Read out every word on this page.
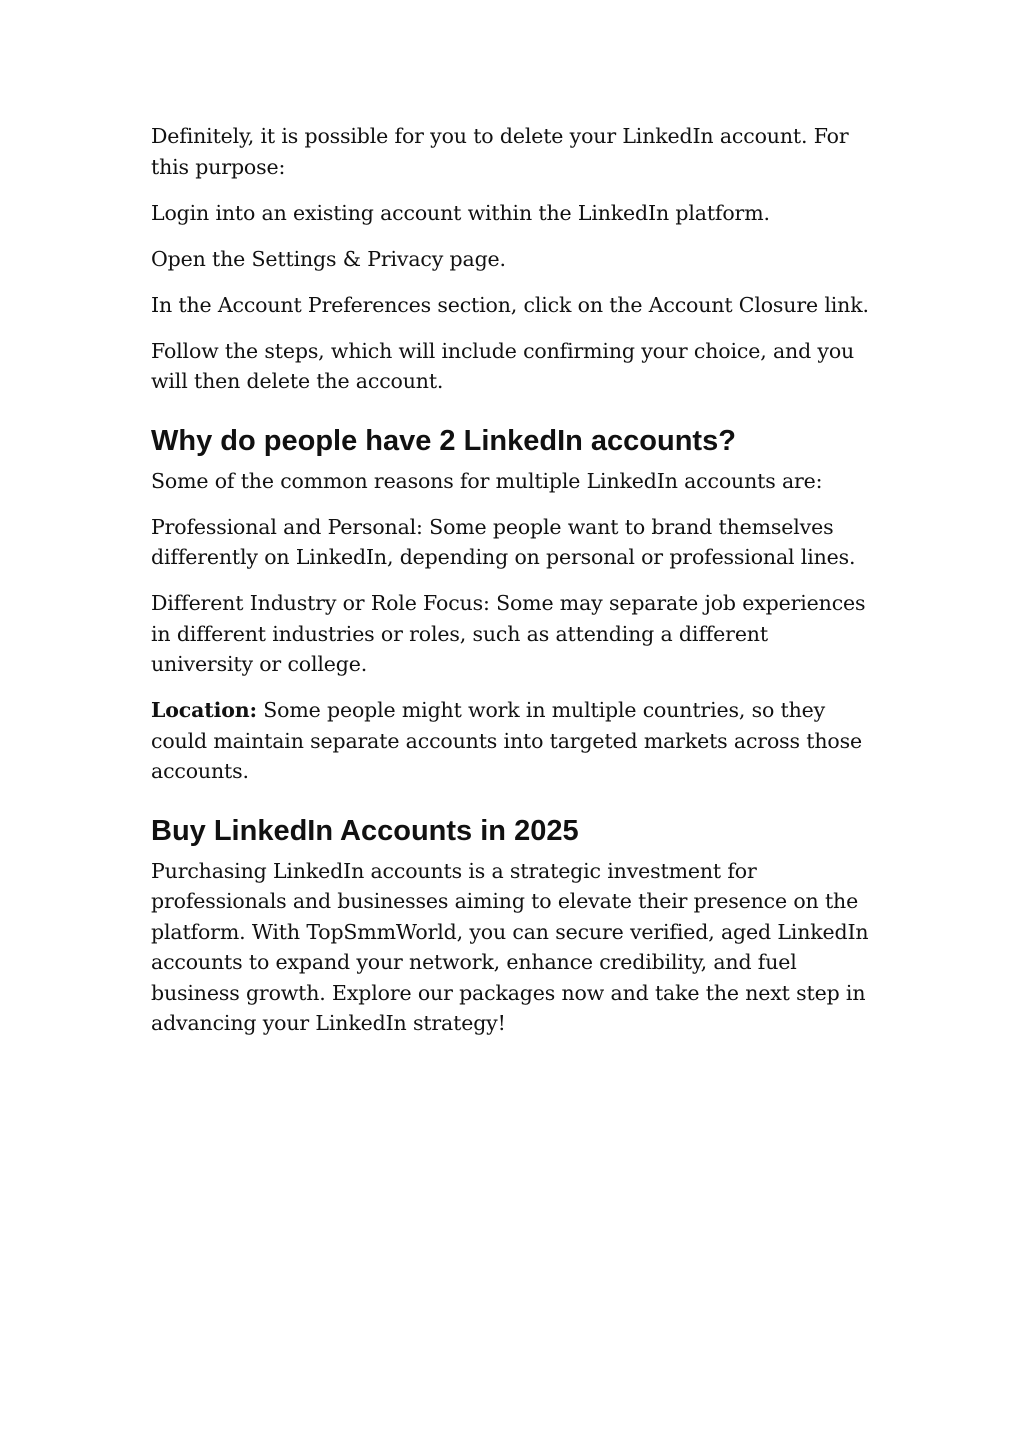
Definitely, it is possible for you to delete your LinkedIn account. For this purpose:

Login into an existing account within the LinkedIn platform.

Open the Settings & Privacy page.

In the Account Preferences section, click on the Account Closure link.

Follow the steps, which will include confirming your choice, and you will then delete the account.

Why do people have 2 LinkedIn accounts?

Some of the common reasons for multiple LinkedIn accounts are:

Professional and Personal: Some people want to brand themselves differently on LinkedIn, depending on personal or professional lines.

Different Industry or Role Focus: Some may separate job experiences in different industries or roles, such as attending a different university or college.

Location: Some people might work in multiple countries, so they could maintain separate accounts into targeted markets across those accounts.

Buy LinkedIn Accounts in 2025

Purchasing LinkedIn accounts is a strategic investment for professionals and businesses aiming to elevate their presence on the platform. With TopSmmWorld, you can secure verified, aged LinkedIn accounts to expand your network, enhance credibility, and fuel business growth. Explore our packages now and take the next step in advancing your LinkedIn strategy!
